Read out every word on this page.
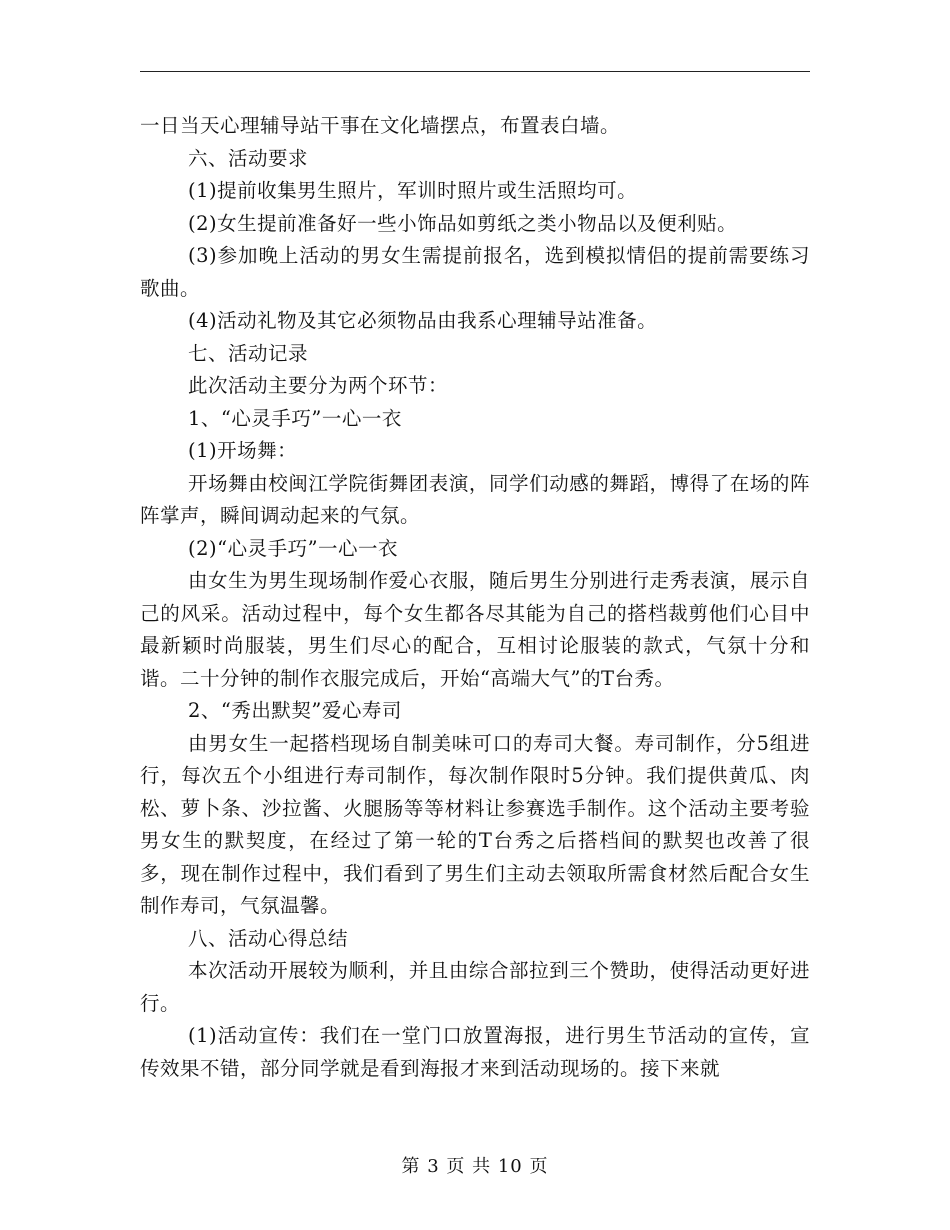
一日当天心理辅导站干事在文化墙摆点，布置表白墙。

六、活动要求

(1)提前收集男生照片，军训时照片或生活照均可。

(2)女生提前准备好一些小饰品如剪纸之类小物品以及便利贴。

(3)参加晚上活动的男女生需提前报名，选到模拟情侣的提前需要练习歌曲。

(4)活动礼物及其它必须物品由我系心理辅导站准备。

七、活动记录

此次活动主要分为两个环节：

1、“心灵手巧”一心一衣

(1)开场舞：

开场舞由校闽江学院街舞团表演，同学们动感的舞蹈，博得了在场的阵阵掌声，瞬间调动起来的气氛。

(2)“心灵手巧”一心一衣

由女生为男生现场制作爱心衣服，随后男生分别进行走秀表演，展示自己的风采。活动过程中，每个女生都各尽其能为自己的搭档裁剪他们心目中最新颖时尚服装，男生们尽心的配合，互相讨论服装的款式，气氛十分和谐。二十分钟的制作衣服完成后，开始“高端大气”的T台秀。

2、“秀出默契”爱心寿司

由男女生一起搭档现场自制美味可口的寿司大餐。寿司制作，分5组进行，每次五个小组进行寿司制作，每次制作限时5分钟。我们提供黄瓜、肉松、萝卜条、沙拉酱、火腿肠等等材料让参赛选手制作。这个活动主要考验男女生的默契度，在经过了第一轮的T台秀之后搭档间的默契也改善了很多，现在制作过程中，我们看到了男生们主动去领取所需食材然后配合女生制作寿司，气氛温馨。

八、活动心得总结

本次活动开展较为顺利，并且由综合部拉到三个赞助，使得活动更好进行。

(1)活动宣传：我们在一堂门口放置海报，进行男生节活动的宣传，宣传效果不错，部分同学就是看到海报才来到活动现场的。接下来就

第 3 页 共 10 页
